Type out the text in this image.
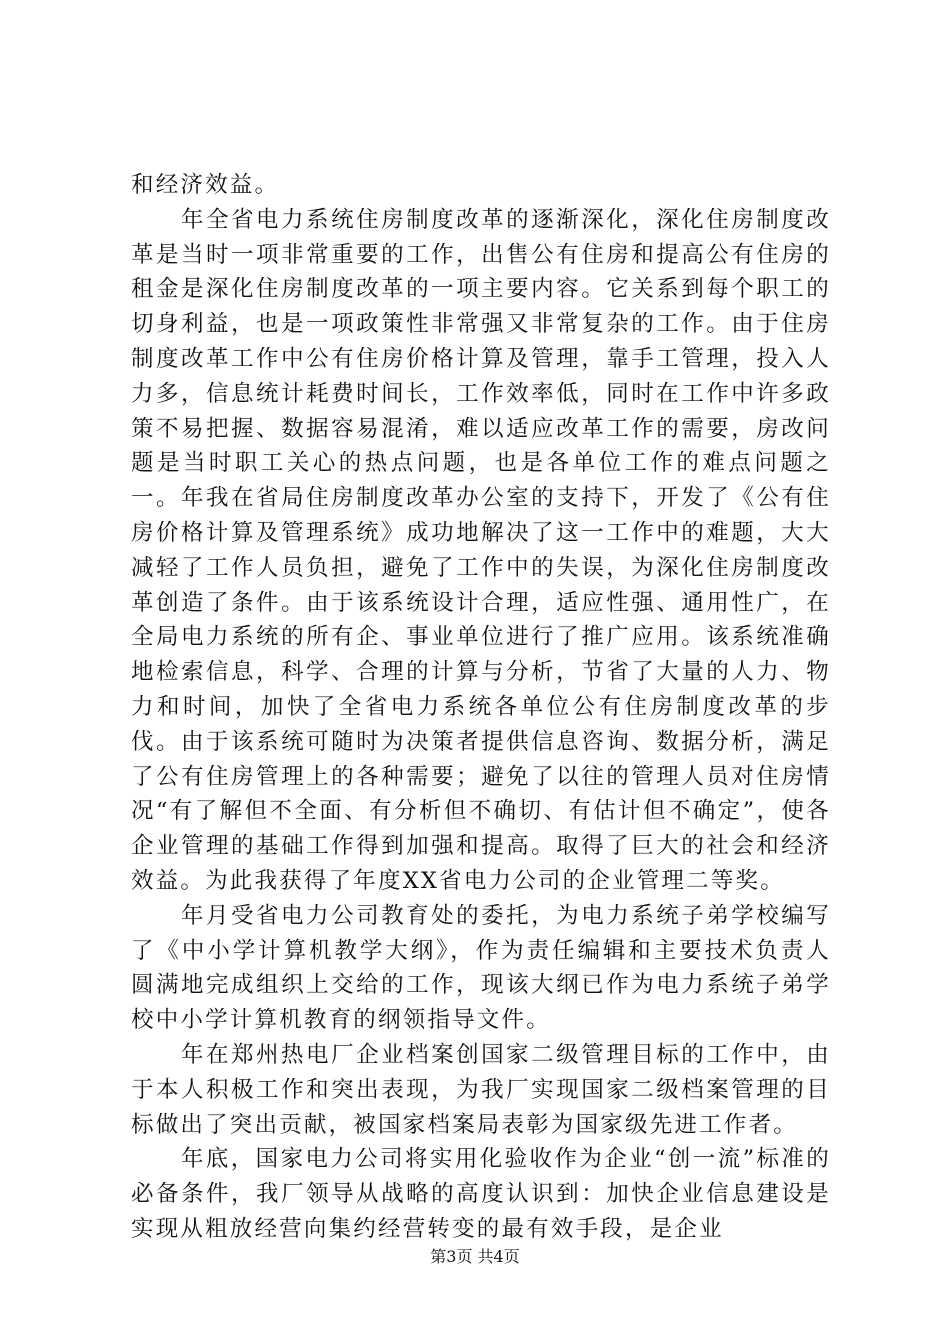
和经济效益。

年全省电力系统住房制度改革的逐渐深化，深化住房制度改革是当时一项非常重要的工作，出售公有住房和提高公有住房的租金是深化住房制度改革的一项主要内容。它关系到每个职工的切身利益，也是一项政策性非常强又非常复杂的工作。由于住房制度改革工作中公有住房价格计算及管理，靠手工管理，投入人力多，信息统计耗费时间长，工作效率低，同时在工作中许多政策不易把握、数据容易混淆，难以适应改革工作的需要，房改问题是当时职工关心的热点问题，也是各单位工作的难点问题之一。年我在省局住房制度改革办公室的支持下，开发了《公有住房价格计算及管理系统》成功地解决了这一工作中的难题，大大减轻了工作人员负担，避免了工作中的失误，为深化住房制度改革创造了条件。由于该系统设计合理，适应性强、通用性广，在全局电力系统的所有企、事业单位进行了推广应用。该系统准确地检索信息，科学、合理的计算与分析，节省了大量的人力、物力和时间，加快了全省电力系统各单位公有住房制度改革的步伐。由于该系统可随时为决策者提供信息咨询、数据分析，满足了公有住房管理上的各种需要；避免了以往的管理人员对住房情况“有了解但不全面、有分析但不确切、有估计但不确定”，使各企业管理的基础工作得到加强和提高。取得了巨大的社会和经济效益。为此我获得了年度XX省电力公司的企业管理二等奖。

年月受省电力公司教育处的委托，为电力系统子弟学校编写了《中小学计算机教学大纲》，作为责任编辑和主要技术负责人圆满地完成组织上交给的工作，现该大纲已作为电力系统子弟学校中小学计算机教育的纲领指导文件。

年在郑州热电厂企业档案创国家二级管理目标的工作中，由于本人积极工作和突出表现，为我厂实现国家二级档案管理的目标做出了突出贡献，被国家档案局表彰为国家级先进工作者。

年底，国家电力公司将实用化验收作为企业“创一流”标准的必备条件，我厂领导从战略的高度认识到：加快企业信息建设是实现从粗放经营向集约经营转变的最有效手段，是企业

第3页 共4页
